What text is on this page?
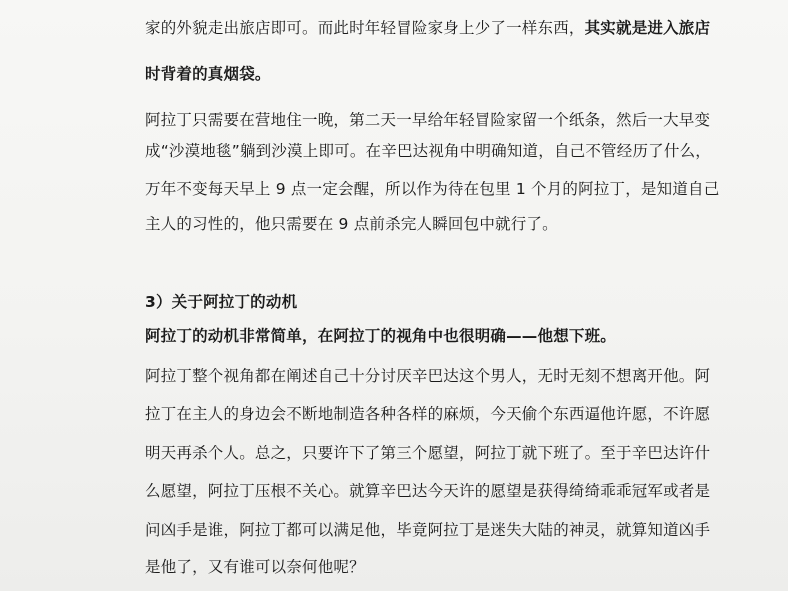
家的外貌走出旅店即可。而此时年轻冒险家身上少了一样东西，其实就是进入旅店
时背着的真烟袋。
阿拉丁只需要在营地住一晚，第二天一早给年轻冒险家留一个纸条，然后一大早变
成“沙漠地毯”躺到沙漠上即可。在辛巴达视角中明确知道，自己不管经历了什么，
万年不变每天早上 9 点一定会醒，所以作为待在包里 1 个月的阿拉丁，是知道自己
主人的习性的，他只需要在 9 点前杀完人瞬回包中就行了。
3）关于阿拉丁的动机
阿拉丁的动机非常简单，在阿拉丁的视角中也很明确——他想下班。
阿拉丁整个视角都在阐述自己十分讨厌辛巴达这个男人，无时无刻不想离开他。阿
拉丁在主人的身边会不断地制造各种各样的麻烦，今天偷个东西逼他许愿，不许愿
明天再杀个人。总之，只要许下了第三个愿望，阿拉丁就下班了。至于辛巴达许什
么愿望，阿拉丁压根不关心。就算辛巴达今天许的愿望是获得绮绮乖乖冠军或者是
问凶手是谁，阿拉丁都可以满足他，毕竟阿拉丁是迷失大陆的神灵，就算知道凶手
是他了，又有谁可以奈何他呢？
